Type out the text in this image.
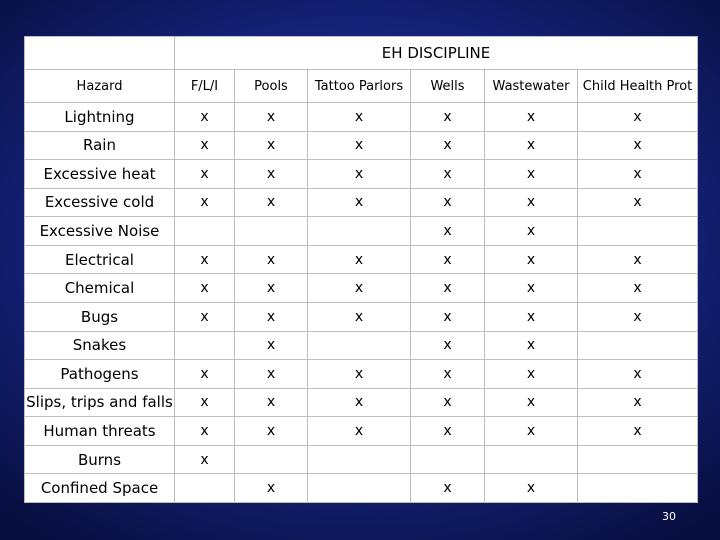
	EH DISCIPLINE					
Hazard	F/L/I	Pools	Tattoo Parlors	Wells	Wastewater	Child Health Prot
Lightning	x	x	x	x	x	x
Rain	x	x	x	x	x	x
Excessive heat	x	x	x	x	x	x
Excessive cold	x	x	x	x	x	x
Excessive Noise				x	x	
Electrical	x	x	x	x	x	x
Chemical	x	x	x	x	x	x
Bugs	x	x	x	x	x	x
Snakes		x		x	x	
Pathogens	x	x	x	x	x	x
Slips, trips and falls	x	x	x	x	x	x
Human threats	x	x	x	x	x	x
Burns	x					
Confined Space		x		x	x	
30
